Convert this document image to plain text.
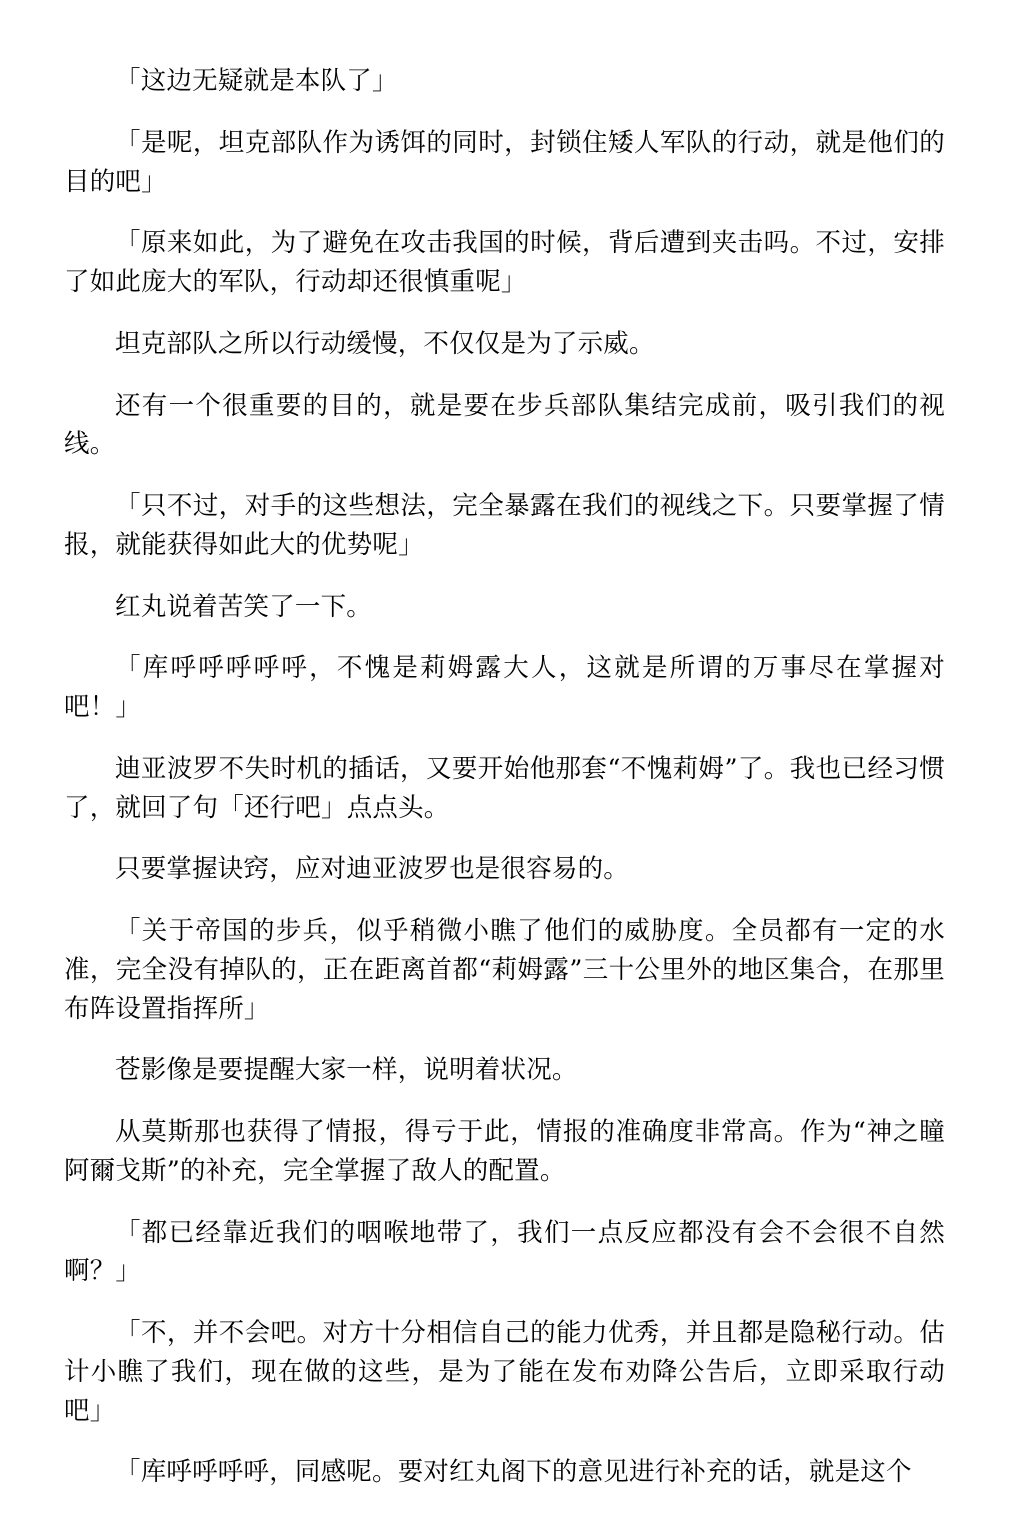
「这边无疑就是本队了」

「是呢，坦克部队作为诱饵的同时，封锁住矮人军队的行动，就是他们的目的吧」

「原来如此，为了避免在攻击我国的时候，背后遭到夹击吗。不过，安排了如此庞大的军队，行动却还很慎重呢」

坦克部队之所以行动缓慢，不仅仅是为了示威。

还有一个很重要的目的，就是要在步兵部队集结完成前，吸引我们的视线。

「只不过，对手的这些想法，完全暴露在我们的视线之下。只要掌握了情报，就能获得如此大的优势呢」

红丸说着苦笑了一下。

「库呼呼呼呼呼，不愧是莉姆露大人，这就是所谓的万事尽在掌握对吧！」

迪亚波罗不失时机的插话，又要开始他那套“不愧莉姆”了。我也已经习惯了，就回了句「还行吧」点点头。

只要掌握诀窍，应对迪亚波罗也是很容易的。

「关于帝国的步兵，似乎稍微小瞧了他们的威胁度。全员都有一定的水准，完全没有掉队的，正在距离首都“莉姆露”三十公里外的地区集合，在那里布阵设置指挥所」

苍影像是要提醒大家一样，说明着状况。

从莫斯那也获得了情报，得亏于此，情报的准确度非常高。作为“神之瞳阿爾戈斯”的补充，完全掌握了敌人的配置。

「都已经靠近我们的咽喉地带了，我们一点反应都没有会不会很不自然啊？」

「不，并不会吧。对方十分相信自己的能力优秀，并且都是隐秘行动。估计小瞧了我们，现在做的这些，是为了能在发布劝降公告后，立即采取行动吧」

「库呼呼呼呼，同感呢。要对红丸阁下的意见进行补充的话，就是这个
